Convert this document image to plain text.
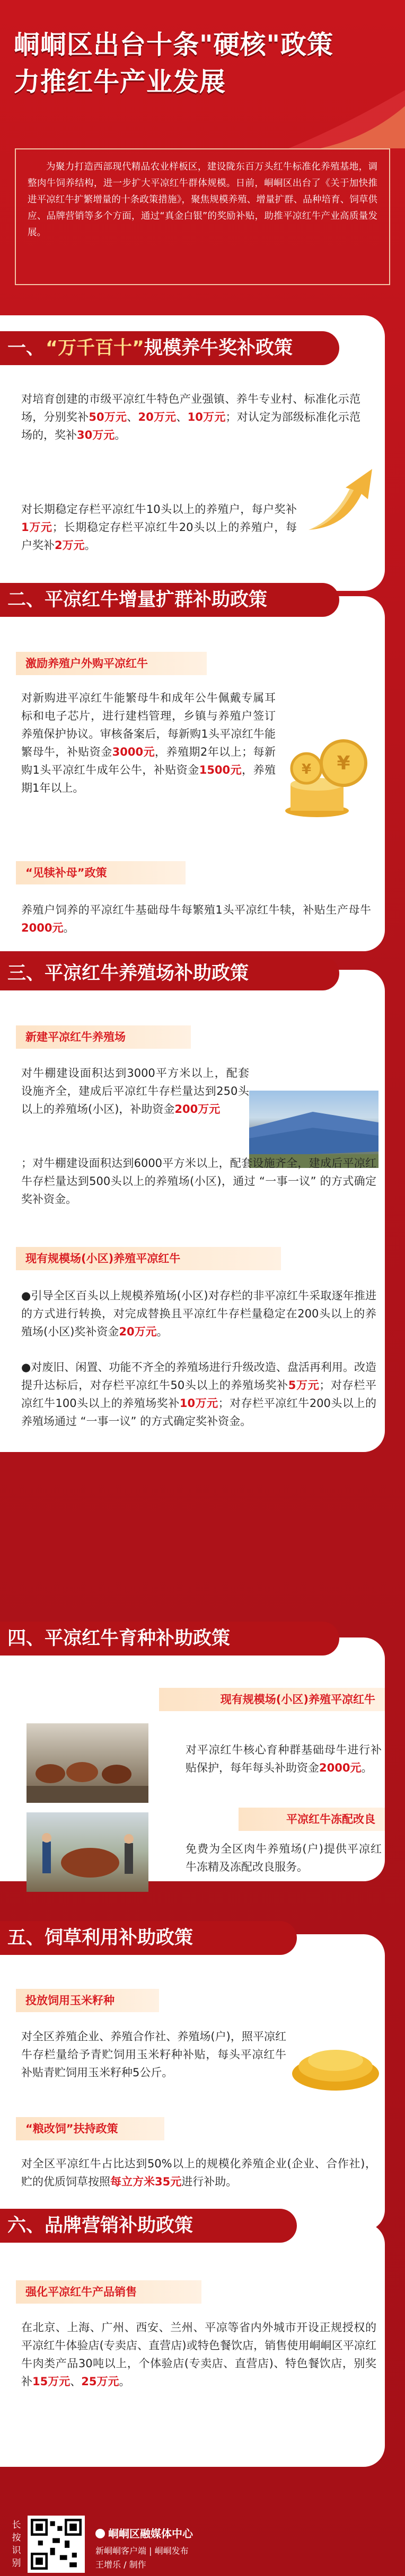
峒峒区出台十条"硬核"政策
力推红牛产业发展
为聚力打造西部现代精品农业样板区，建设陇东百万头红牛标准化养殖基地，调整肉牛饲养结构，进一步扩大平凉红牛群体规模。日前，峒峒区出台了《关于加快推进平凉红牛扩繁增量的十条政策措施》，聚焦规模养殖、增量扩群、品种培育、饲草供应、品牌营销等多个方面，通过“真金白银”的奖励补贴，助推平凉红牛产业高质量发展。
一、“万千百十”规模养牛奖补政策
对培育创建的市级平凉红牛特色产业强镇、养牛专业村、标准化示范场，分别奖补50万元、20万元、10万元；对认定为部级标准化示范场的，奖补30万元。
对长期稳定存栏平凉红牛10头以上的养殖户，每户奖补1万元；长期稳定存栏平凉红牛20头以上的养殖户，每户奖补2万元。
二、平凉红牛增量扩群补助政策
激励养殖户外购平凉红牛
对新购进平凉红牛能繁母牛和成年公牛佩戴专属耳标和电子芯片，进行建档管理，乡镇与养殖户签订养殖保护协议。审核备案后，每新购1头平凉红牛能繁母牛，补贴资金3000元，养殖期2年以上；每新购1头平凉红牛成年公牛，补贴资金1500元，养殖期1年以上。
¥
¥
“见犊补母”政策
养殖户饲养的平凉红牛基础母牛每繁殖1头平凉红牛犊，补贴生产母牛2000元。
三、平凉红牛养殖场补助政策
新建平凉红牛养殖场
对牛棚建设面积达到3000平方米以上，配套设施齐全，建成后平凉红牛存栏量达到250头以上的养殖场(小区)，补助资金200万元
；对牛棚建设面积达到6000平方米以上，配套设施齐全，建成后平凉红牛存栏量达到500头以上的养殖场(小区)，通过 “一事一议” 的方式确定奖补资金。
现有规模场(小区)养殖平凉红牛
●引导全区百头以上规模养殖场(小区)对存栏的非平凉红牛采取逐年推进的方式进行转换，对完成替换且平凉红牛存栏量稳定在200头以上的养殖场(小区)奖补资金20万元。
●对废旧、闲置、功能不齐全的养殖场进行升级改造、盘活再利用。改造提升达标后，对存栏平凉红牛50头以上的养殖场奖补5万元；对存栏平凉红牛100头以上的养殖场奖补10万元；对存栏平凉红牛200头以上的养殖场通过 “一事一议” 的方式确定奖补资金。
四、平凉红牛育种补助政策
现有规模场(小区)养殖平凉红牛
对平凉红牛核心育种群基础母牛进行补贴保护，每年每头补助资金2000元。
平凉红牛冻配改良
免费为全区肉牛养殖场(户)提供平凉红牛冻精及冻配改良服务。
五、饲草利用补助政策
投放饲用玉米籽种
对全区养殖企业、养殖合作社、养殖场(户)，照平凉红牛存栏量给予青贮饲用玉米籽种补贴，每头平凉红牛补贴青贮饲用玉米籽种5公斤。
“粮改饲”扶持政策
对全区平凉红牛占比达到50%以上的规模化养殖企业(企业、合作社)，贮的优质饲草按照每立方米35元进行补助。
六、品牌营销补助政策
强化平凉红牛产品销售
在北京、上海、广州、西安、兰州、平凉等省内外城市开设正规授权的平凉红牛体验店(专卖店、直营店)或特色餐饮店，销售使用峒峒区平凉红牛肉类产品30吨以上，个体验店(专卖店、直营店)、特色餐饮店，别奖补15万元、25万元。
长按识别
峒峒区融媒体中心
新峒峒客户端 | 峒峒发布
王增乐 / 制作
